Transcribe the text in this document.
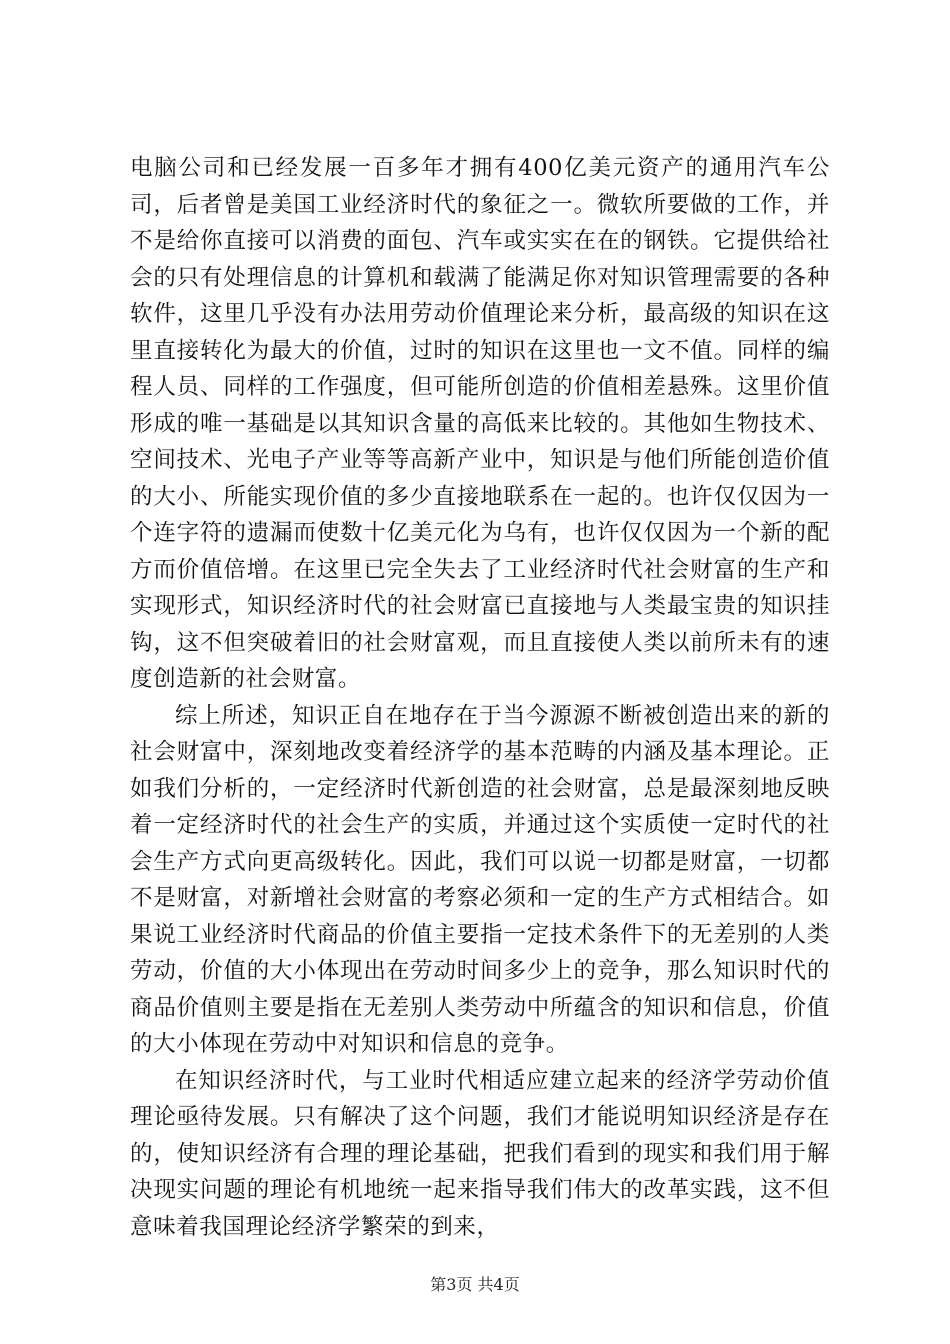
电脑公司和已经发展一百多年才拥有400亿美元资产的通用汽车公司，后者曾是美国工业经济时代的象征之一。微软所要做的工作，并不是给你直接可以消费的面包、汽车或实实在在的钢铁。它提供给社会的只有处理信息的计算机和载满了能满足你对知识管理需要的各种软件，这里几乎没有办法用劳动价值理论来分析，最高级的知识在这里直接转化为最大的价值，过时的知识在这里也一文不值。同样的编程人员、同样的工作强度，但可能所创造的价值相差悬殊。这里价值形成的唯一基础是以其知识含量的高低来比较的。其他如生物技术、空间技术、光电子产业等等高新产业中，知识是与他们所能创造价值的大小、所能实现价值的多少直接地联系在一起的。也许仅仅因为一个连字符的遗漏而使数十亿美元化为乌有，也许仅仅因为一个新的配方而价值倍增。在这里已完全失去了工业经济时代社会财富的生产和实现形式，知识经济时代的社会财富已直接地与人类最宝贵的知识挂钩，这不但突破着旧的社会财富观，而且直接使人类以前所未有的速度创造新的社会财富。

综上所述，知识正自在地存在于当今源源不断被创造出来的新的社会财富中，深刻地改变着经济学的基本范畴的内涵及基本理论。正如我们分析的，一定经济时代新创造的社会财富，总是最深刻地反映着一定经济时代的社会生产的实质，并通过这个实质使一定时代的社会生产方式向更高级转化。因此，我们可以说一切都是财富，一切都不是财富，对新增社会财富的考察必须和一定的生产方式相结合。如果说工业经济时代商品的价值主要指一定技术条件下的无差别的人类劳动，价值的大小体现出在劳动时间多少上的竞争，那么知识时代的商品价值则主要是指在无差别人类劳动中所蕴含的知识和信息，价值的大小体现在劳动中对知识和信息的竞争。

在知识经济时代，与工业时代相适应建立起来的经济学劳动价值理论亟待发展。只有解决了这个问题，我们才能说明知识经济是存在的，使知识经济有合理的理论基础，把我们看到的现实和我们用于解决现实问题的理论有机地统一起来指导我们伟大的改革实践，这不但意味着我国理论经济学繁荣的到来，

第3页 共4页
